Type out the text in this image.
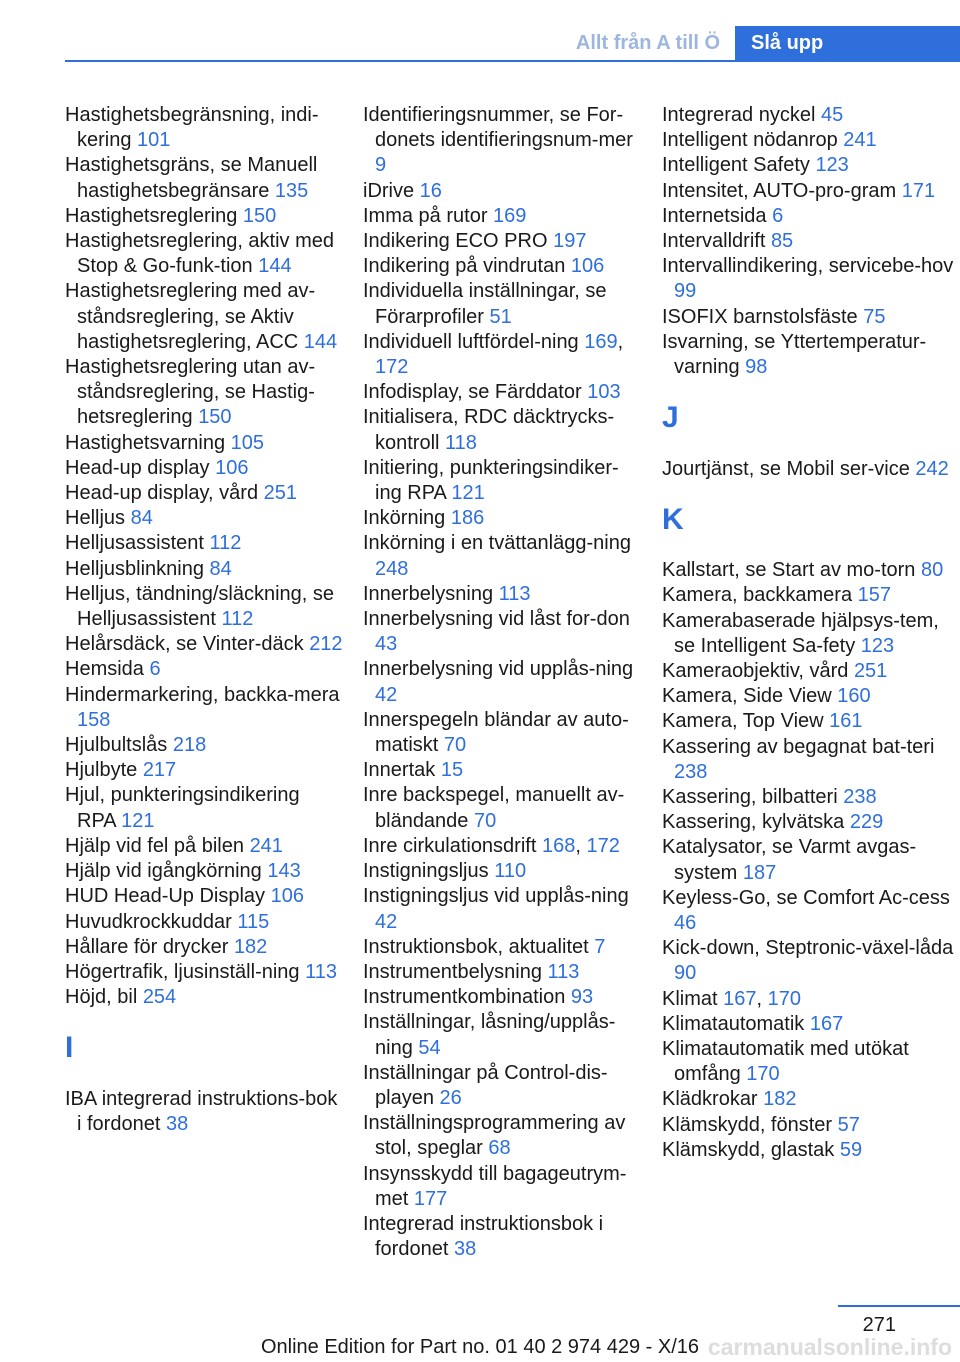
Allt från A till Ö	Slå upp
Hastighetsbegränsning, indi-kering 101
Hastighetsgräns, se Manuell hastighetsbegränsare 135
Hastighetsreglering 150
Hastighetsreglering, aktiv med Stop & Go-funk-tion 144
Hastighetsreglering med av-ståndsreglering, se Aktiv hastighetsreglering, ACC 144
Hastighetsreglering utan av-ståndsreglering, se Hastig-hetsreglering 150
Hastighetsvarning 105
Head-up display 106
Head-up display, vård 251
Helljus 84
Helljusassistent 112
Helljusblinkning 84
Helljus, tändning/släckning, se Helljusassistent 112
Helårsdäck, se Vinter-däck 212
Hemsida 6
Hindermarkering, backka-mera 158
Hjulbultslås 218
Hjulbyte 217
Hjul, punkteringsindikering RPA 121
Hjälp vid fel på bilen 241
Hjälp vid igångkörning 143
HUD Head-Up Display 106
Huvudkrockkuddar 115
Hållare för drycker 182
Högertrafik, ljusinställ-ning 113
Höjd, bil 254
I
IBA integrerad instruktions-bok i fordonet 38
Identifieringsnummer, se For-donets identifieringsnum-mer 9
iDrive 16
Imma på rutor 169
Indikering ECO PRO 197
Indikering på vindrutan 106
Individuella inställningar, se Förarprofiler 51
Individuell luftfördel-ning 169, 172
Infodisplay, se Färddator 103
Initialisera, RDC däcktrycks-kontroll 118
Initiering, punkteringsindiker-ing RPA 121
Inkörning 186
Inkörning i en tvättanlägg-ning 248
Innerbelysning 113
Innerbelysning vid låst for-don 43
Innerbelysning vid upplås-ning 42
Innerspegeln bländar av auto-matiskt 70
Innertak 15
Inre backspegel, manuellt av-bländande 70
Inre cirkulationsdrift 168, 172
Instigningsljus 110
Instigningsljus vid upplås-ning 42
Instruktionsbok, aktualitet 7
Instrumentbelysning 113
Instrumentkombination 93
Inställningar, låsning/upplås-ning 54
Inställningar på Control-dis-playen 26
Inställningsprogrammering av stol, speglar 68
Insynsskydd till bagageutrym-met 177
Integrerad instruktionsbok i fordonet 38
Integrerad nyckel 45
Intelligent nödanrop 241
Intelligent Safety 123
Intensitet, AUTO-pro-gram 171
Internetsida 6
Intervalldrift 85
Intervallindikering, servicebe-hov 99
ISOFIX barnstolsfäste 75
Isvarning, se Yttertemperatur-varning 98
J
Jourtjänst, se Mobil ser-vice 242
K
Kallstart, se Start av mo-torn 80
Kamera, backkamera 157
Kamerabaserade hjälpsys-tem, se Intelligent Sa-fety 123
Kameraobjektiv, vård 251
Kamera, Side View 160
Kamera, Top View 161
Kassering av begagnat bat-teri 238
Kassering, bilbatteri 238
Kassering, kylvätska 229
Katalysator, se Varmt avgas-system 187
Keyless-Go, se Comfort Ac-cess 46
Kick-down, Steptronic-växel-låda 90
Klimat 167, 170
Klimatautomatik 167
Klimatautomatik med utökat omfång 170
Klädkrokar 182
Klämskydd, fönster 57
Klämskydd, glastak 59
271
Online Edition for Part no. 01 40 2 974 429 - X/16 carmanualsonline.info
